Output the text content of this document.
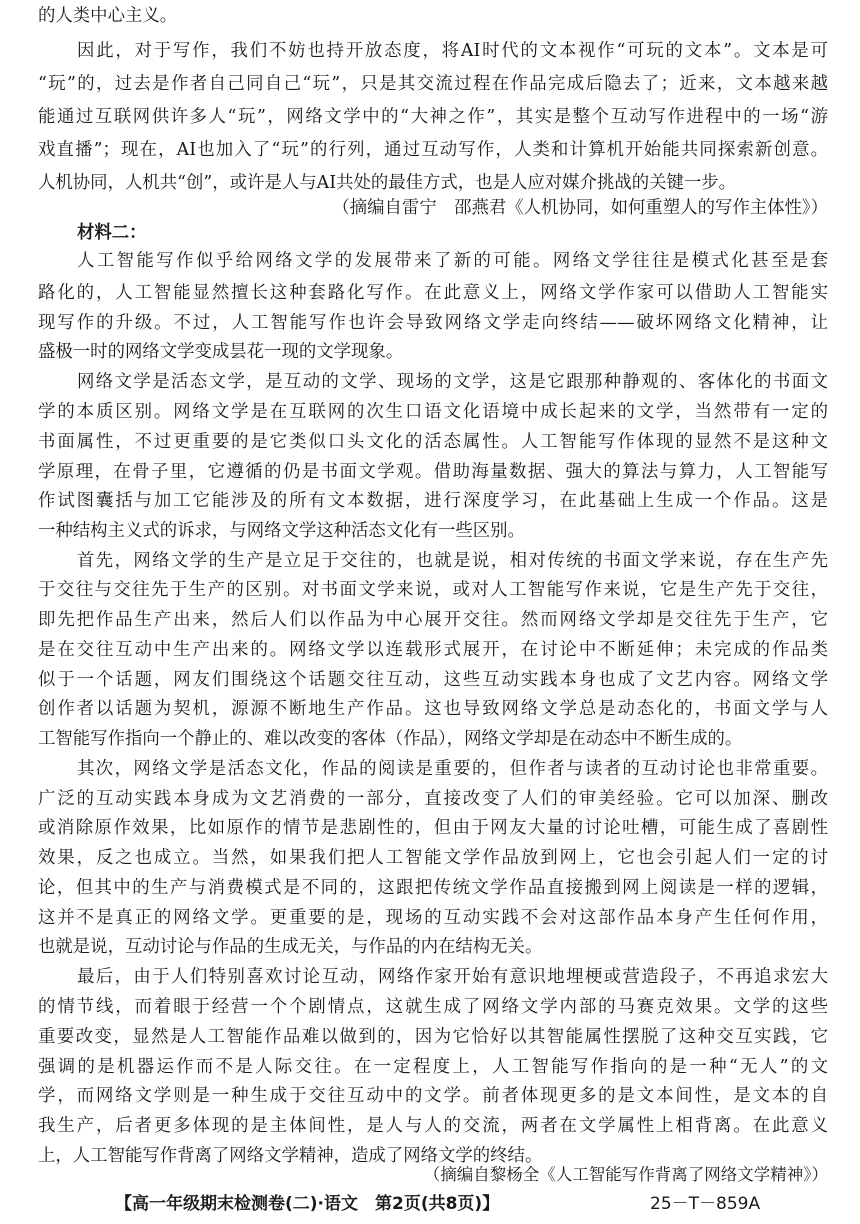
的人类中心主义。
因此，对于写作，我们不妨也持开放态度，将AI时代的文本视作“可玩的文本”。文本是可
“玩”的，过去是作者自己同自己“玩”，只是其交流过程在作品完成后隐去了；近来，文本越来越
能通过互联网供许多人“玩”，网络文学中的“大神之作”，其实是整个互动写作进程中的一场“游
戏直播”；现在，AI也加入了“玩”的行列，通过互动写作，人类和计算机开始能共同探索新创意。
人机协同，人机共“创”，或许是人与AI共处的最佳方式，也是人应对媒介挑战的关键一步。
（摘编自雷宁　邵燕君《人机协同，如何重塑人的写作主体性》）
材料二：
人工智能写作似乎给网络文学的发展带来了新的可能。网络文学往往是模式化甚至是套
路化的，人工智能显然擅长这种套路化写作。在此意义上，网络文学作家可以借助人工智能实
现写作的升级。不过，人工智能写作也许会导致网络文学走向终结——破坏网络文化精神，让
盛极一时的网络文学变成昙花一现的文学现象。
网络文学是活态文学，是互动的文学、现场的文学，这是它跟那种静观的、客体化的书面文
学的本质区别。网络文学是在互联网的次生口语文化语境中成长起来的文学，当然带有一定的
书面属性，不过更重要的是它类似口头文化的活态属性。人工智能写作体现的显然不是这种文
学原理，在骨子里，它遵循的仍是书面文学观。借助海量数据、强大的算法与算力，人工智能写
作试图囊括与加工它能涉及的所有文本数据，进行深度学习，在此基础上生成一个作品。这是
一种结构主义式的诉求，与网络文学这种活态文化有一些区别。
首先，网络文学的生产是立足于交往的，也就是说，相对传统的书面文学来说，存在生产先
于交往与交往先于生产的区别。对书面文学来说，或对人工智能写作来说，它是生产先于交往，
即先把作品生产出来，然后人们以作品为中心展开交往。然而网络文学却是交往先于生产，它
是在交往互动中生产出来的。网络文学以连载形式展开，在讨论中不断延伸；未完成的作品类
似于一个话题，网友们围绕这个话题交往互动，这些互动实践本身也成了文艺内容。网络文学
创作者以话题为契机，源源不断地生产作品。这也导致网络文学总是动态化的，书面文学与人
工智能写作指向一个静止的、难以改变的客体（作品），网络文学却是在动态中不断生成的。
其次，网络文学是活态文化，作品的阅读是重要的，但作者与读者的互动讨论也非常重要。
广泛的互动实践本身成为文艺消费的一部分，直接改变了人们的审美经验。它可以加深、删改
或消除原作效果，比如原作的情节是悲剧性的，但由于网友大量的讨论吐槽，可能生成了喜剧性
效果，反之也成立。当然，如果我们把人工智能文学作品放到网上，它也会引起人们一定的讨
论，但其中的生产与消费模式是不同的，这跟把传统文学作品直接搬到网上阅读是一样的逻辑，
这并不是真正的网络文学。更重要的是，现场的互动实践不会对这部作品本身产生任何作用，
也就是说，互动讨论与作品的生成无关，与作品的内在结构无关。
最后，由于人们特别喜欢讨论互动，网络作家开始有意识地埋梗或营造段子，不再追求宏大
的情节线，而着眼于经营一个个剧情点，这就生成了网络文学内部的马赛克效果。文学的这些
重要改变，显然是人工智能作品难以做到的，因为它恰好以其智能属性摆脱了这种交互实践，它
强调的是机器运作而不是人际交往。在一定程度上，人工智能写作指向的是一种“无人”的文
学，而网络文学则是一种生成于交往互动中的文学。前者体现更多的是文本间性，是文本的自
我生产，后者更多体现的是主体间性，是人与人的交流，两者在文学属性上相背离。在此意义
上，人工智能写作背离了网络文学精神，造成了网络文学的终结。
（摘编自黎杨全《人工智能写作背离了网络文学精神》）
【高一年级期末检测卷(二)·语文　第2页(共8页)】	25－T－859A
